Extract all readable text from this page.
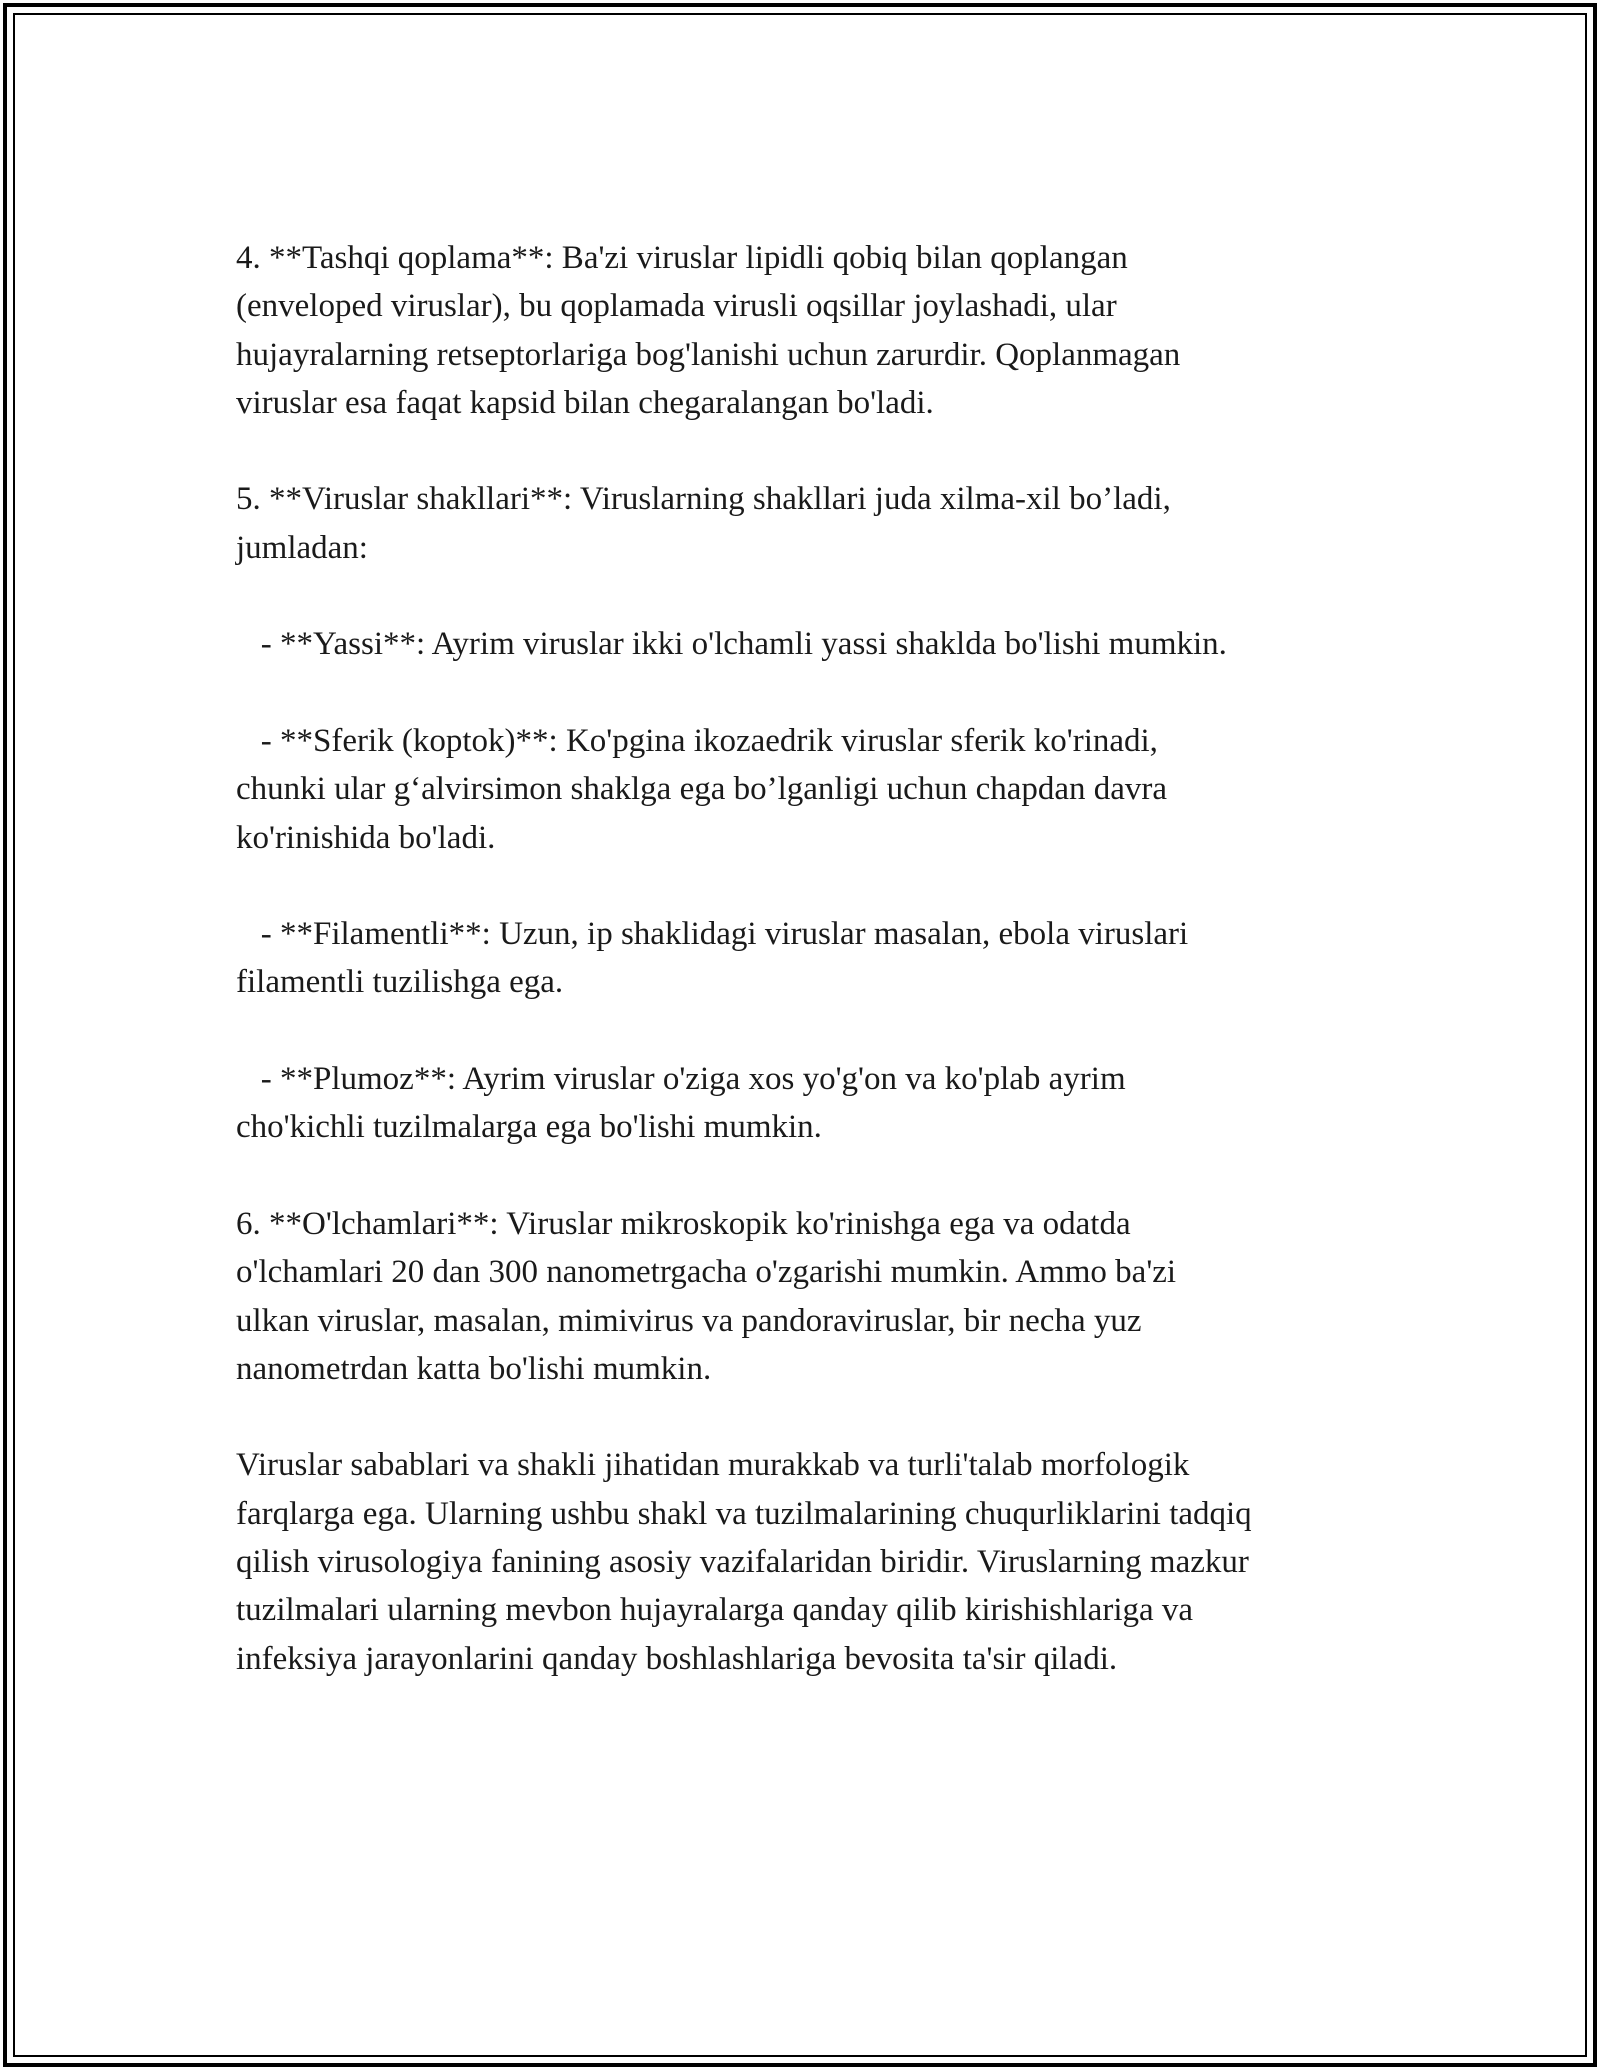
4. **Tashqi qoplama**: Ba'zi viruslar lipidli qobiq bilan qoplangan
(enveloped viruslar), bu qoplamada virusli oqsillar joylashadi, ular
hujayralarning retseptorlariga bog'lanishi uchun zarurdir. Qoplanmagan
viruslar esa faqat kapsid bilan chegaralangan bo'ladi.

5. **Viruslar shakllari**: Viruslarning shakllari juda xilma-xil bo’ladi,
jumladan:

- **Yassi**: Ayrim viruslar ikki o'lchamli yassi shaklda bo'lishi mumkin.

- **Sferik (koptok)**: Ko'pgina ikozaedrik viruslar sferik ko'rinadi,
chunki ular g‘alvirsimon shaklga ega bo’lganligi uchun chapdan davra
ko'rinishida bo'ladi.

- **Filamentli**: Uzun, ip shaklidagi viruslar masalan, ebola viruslari
filamentli tuzilishga ega.

- **Plumoz**: Ayrim viruslar o'ziga xos yo'g'on va ko'plab ayrim
cho'kichli tuzilmalarga ega bo'lishi mumkin.

6. **O'lchamlari**: Viruslar mikroskopik ko'rinishga ega va odatda
o'lchamlari 20 dan 300 nanometrgacha o'zgarishi mumkin. Ammo ba'zi
ulkan viruslar, masalan, mimivirus va pandoraviruslar, bir necha yuz
nanometrdan katta bo'lishi mumkin.

Viruslar sabablari va shakli jihatidan murakkab va turli'talab morfologik
farqlarga ega. Ularning ushbu shakl va tuzilmalarining chuqurliklarini tadqiq
qilish virusologiya fanining asosiy vazifalaridan biridir. Viruslarning mazkur
tuzilmalari ularning mevbon hujayralarga qanday qilib kirishishlariga va
infeksiya jarayonlarini qanday boshlashlariga bevosita ta'sir qiladi.
